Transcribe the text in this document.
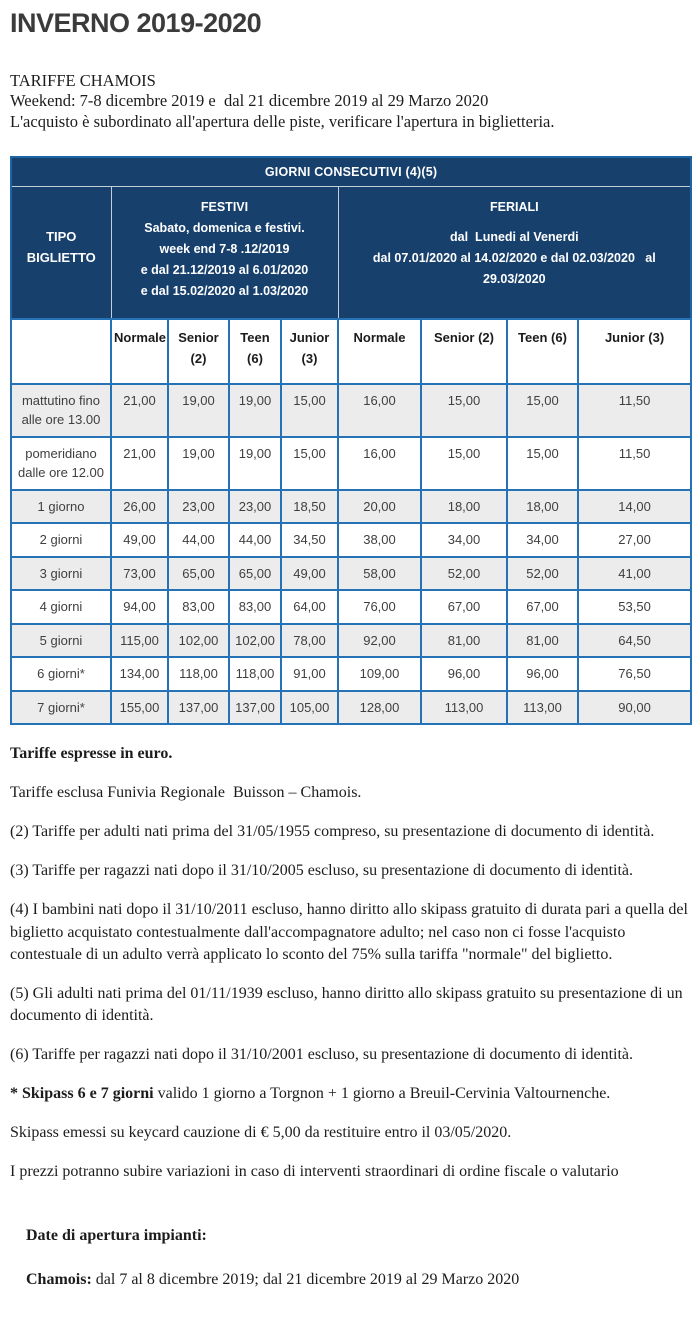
INVERNO 2019-2020
TARIFFE CHAMOIS
Weekend: 7-8 dicembre 2019 e  dal 21 dicembre 2019 al 29 Marzo 2020
L'acquisto è subordinato all'apertura delle piste, verificare l'apertura in biglietteria.
GIORNI CONSECUTIVI (4)(5)								

TIPO
BIGLIETTO

FESTIVI
Sabato, domenica e festivi.
week end 7-8 .12/2019
e dal 21.12/2019 al 6.01/2020
e dal 15.02/2020 al 1.03/2020

FERIALI
dal  Lunedi al Venerdi
dal 07.01/2020 al 14.02/2020 e dal 02.03/2020   al 29.03/2020

	Normale	Senior (2)	Teen (6)	Junior (3)	Normale	Senior (2)	Teen (6)	Junior (3)
mattutino fino alle ore 13.00	21,00	19,00	19,00	15,00	16,00	15,00	15,00	11,50
pomeridiano dalle ore 12.00	21,00	19,00	19,00	15,00	16,00	15,00	15,00	11,50
1 giorno	26,00	23,00	23,00	18,50	20,00	18,00	18,00	14,00
2 giorni	49,00	44,00	44,00	34,50	38,00	34,00	34,00	27,00
3 giorni	73,00	65,00	65,00	49,00	58,00	52,00	52,00	41,00
4 giorni	94,00	83,00	83,00	64,00	76,00	67,00	67,00	53,50
5 giorni	115,00	102,00	102,00	78,00	92,00	81,00	81,00	64,50
6 giorni*	134,00	118,00	118,00	91,00	109,00	96,00	96,00	76,50
7 giorni*	155,00	137,00	137,00	105,00	128,00	113,00	113,00	90,00

Tariffe espresse in euro.

Tariffe esclusa Funivia Regionale  Buisson – Chamois.

(2) Tariffe per adulti nati prima del 31/05/1955 compreso, su presentazione di documento di identità.

(3) Tariffe per ragazzi nati dopo il 31/10/2005 escluso, su presentazione di documento di identità.

(4) I bambini nati dopo il 31/10/2011 escluso, hanno diritto allo skipass gratuito di durata pari a quella del biglietto acquistato contestualmente dall'accompagnatore adulto; nel caso non ci fosse l'acquisto contestuale di un adulto verrà applicato lo sconto del 75% sulla tariffa "normale" del biglietto.

(5) Gli adulti nati prima del 01/11/1939 escluso, hanno diritto allo skipass gratuito su presentazione di un documento di identità.

(6) Tariffe per ragazzi nati dopo il 31/10/2001 escluso, su presentazione di documento di identità.

* Skipass 6 e 7 giorni valido 1 giorno a Torgnon + 1 giorno a Breuil-Cervinia Valtournenche.

Skipass emessi su keycard cauzione di € 5,00 da restituire entro il 03/05/2020.

I prezzi potranno subire variazioni in caso di interventi straordinari di ordine fiscale o valutario

Date di apertura impianti:

Chamois: dal 7 al 8 dicembre 2019; dal 21 dicembre 2019 al 29 Marzo 2020
